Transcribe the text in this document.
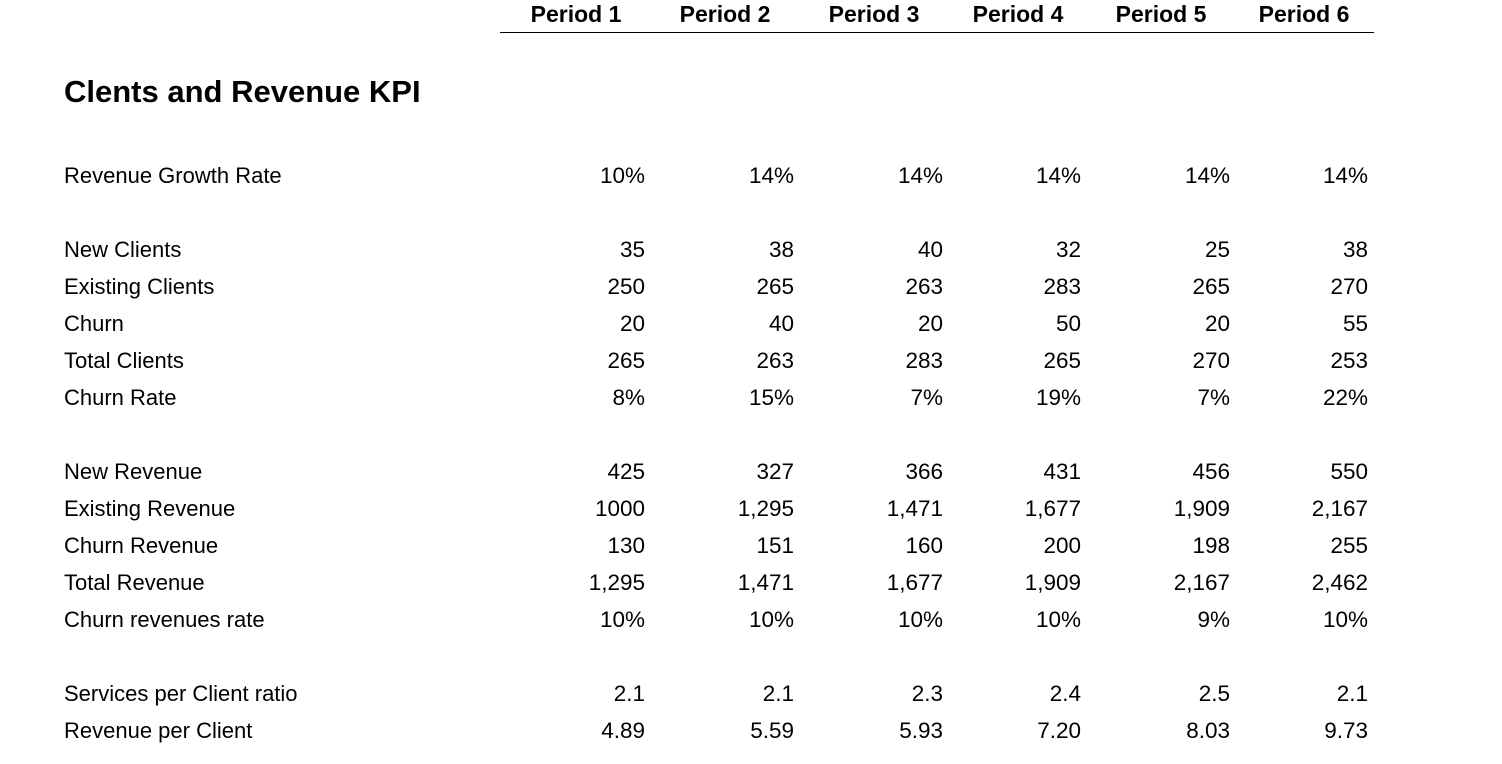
Period 1	Period 2	Period 3	Period 4	Period 5	Period 6
Clents and Revenue KPI
Revenue Growth Rate	10%	14%	14%	14%	14%	14%
New Clients	35	38	40	32	25	38
Existing Clients	250	265	263	283	265	270
Churn	20	40	20	50	20	55
Total Clients	265	263	283	265	270	253
Churn Rate	8%	15%	7%	19%	7%	22%
New Revenue	425	327	366	431	456	550
Existing Revenue	1000	1,295	1,471	1,677	1,909	2,167
Churn Revenue	130	151	160	200	198	255
Total Revenue	1,295	1,471	1,677	1,909	2,167	2,462
Churn revenues rate	10%	10%	10%	10%	9%	10%
Services per Client ratio	2.1	2.1	2.3	2.4	2.5	2.1
Revenue per Client	4.89	5.59	5.93	7.20	8.03	9.73
